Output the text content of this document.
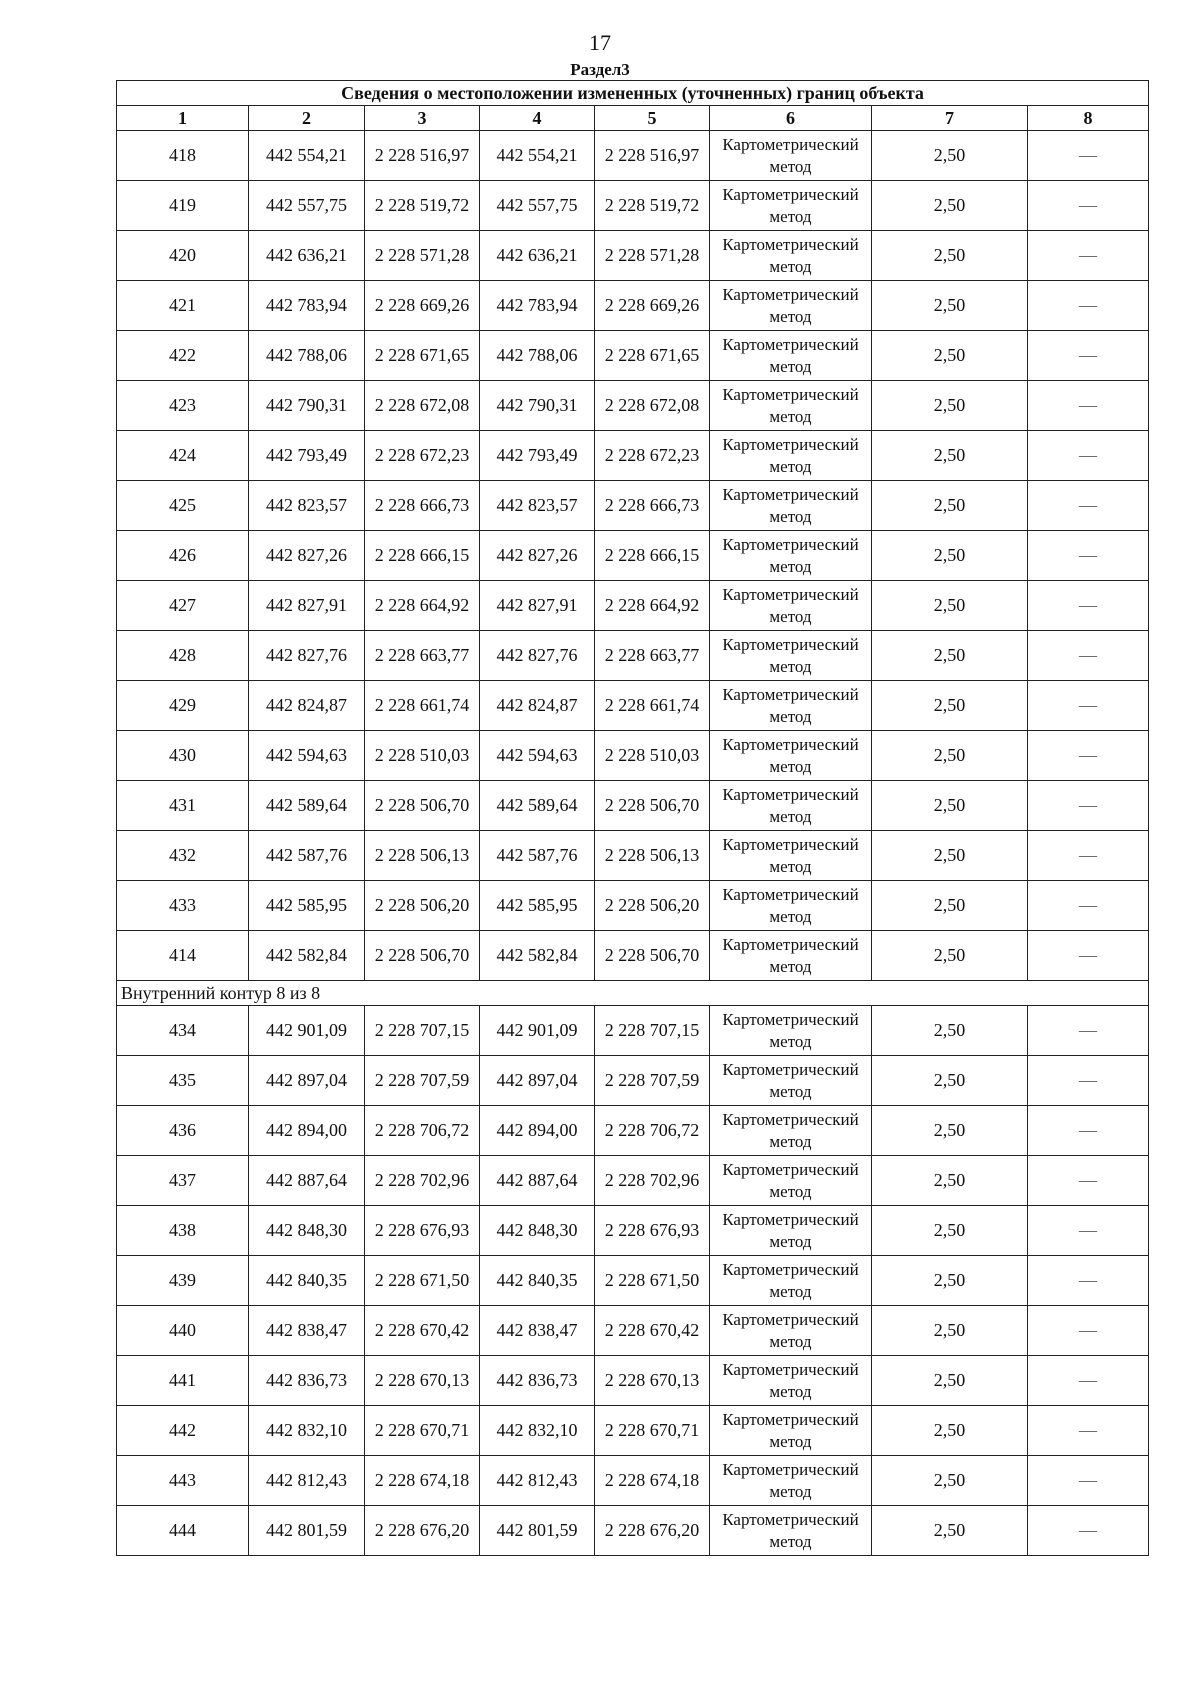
17
Раздел3
Сведения о местоположении измененных (уточненных) границ объекта							
1	2	3	4	5	6	7	8
418	442 554,21	2 228 516,97	442 554,21	2 228 516,97	Картометрический метод	2,50	—
419	442 557,75	2 228 519,72	442 557,75	2 228 519,72	Картометрический метод	2,50	—
420	442 636,21	2 228 571,28	442 636,21	2 228 571,28	Картометрический метод	2,50	—
421	442 783,94	2 228 669,26	442 783,94	2 228 669,26	Картометрический метод	2,50	—
422	442 788,06	2 228 671,65	442 788,06	2 228 671,65	Картометрический метод	2,50	—
423	442 790,31	2 228 672,08	442 790,31	2 228 672,08	Картометрический метод	2,50	—
424	442 793,49	2 228 672,23	442 793,49	2 228 672,23	Картометрический метод	2,50	—
425	442 823,57	2 228 666,73	442 823,57	2 228 666,73	Картометрический метод	2,50	—
426	442 827,26	2 228 666,15	442 827,26	2 228 666,15	Картометрический метод	2,50	—
427	442 827,91	2 228 664,92	442 827,91	2 228 664,92	Картометрический метод	2,50	—
428	442 827,76	2 228 663,77	442 827,76	2 228 663,77	Картометрический метод	2,50	—
429	442 824,87	2 228 661,74	442 824,87	2 228 661,74	Картометрический метод	2,50	—
430	442 594,63	2 228 510,03	442 594,63	2 228 510,03	Картометрический метод	2,50	—
431	442 589,64	2 228 506,70	442 589,64	2 228 506,70	Картометрический метод	2,50	—
432	442 587,76	2 228 506,13	442 587,76	2 228 506,13	Картометрический метод	2,50	—
433	442 585,95	2 228 506,20	442 585,95	2 228 506,20	Картометрический метод	2,50	—
414	442 582,84	2 228 506,70	442 582,84	2 228 506,70	Картометрический метод	2,50	—
Внутренний контур 8 из 8							
434	442 901,09	2 228 707,15	442 901,09	2 228 707,15	Картометрический метод	2,50	—
435	442 897,04	2 228 707,59	442 897,04	2 228 707,59	Картометрический метод	2,50	—
436	442 894,00	2 228 706,72	442 894,00	2 228 706,72	Картометрический метод	2,50	—
437	442 887,64	2 228 702,96	442 887,64	2 228 702,96	Картометрический метод	2,50	—
438	442 848,30	2 228 676,93	442 848,30	2 228 676,93	Картометрический метод	2,50	—
439	442 840,35	2 228 671,50	442 840,35	2 228 671,50	Картометрический метод	2,50	—
440	442 838,47	2 228 670,42	442 838,47	2 228 670,42	Картометрический метод	2,50	—
441	442 836,73	2 228 670,13	442 836,73	2 228 670,13	Картометрический метод	2,50	—
442	442 832,10	2 228 670,71	442 832,10	2 228 670,71	Картометрический метод	2,50	—
443	442 812,43	2 228 674,18	442 812,43	2 228 674,18	Картометрический метод	2,50	—
444	442 801,59	2 228 676,20	442 801,59	2 228 676,20	Картометрический метод	2,50	—
